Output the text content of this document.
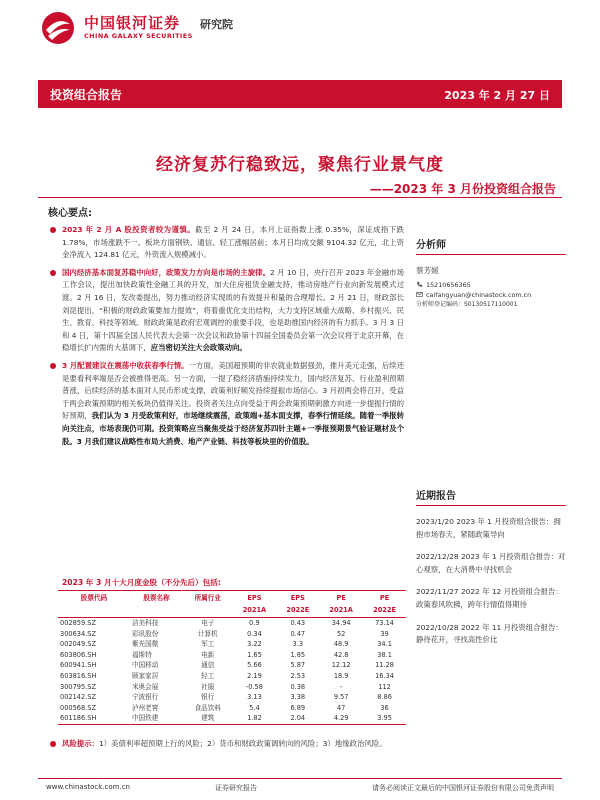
中国银河证券
CHINA GALAXY SECURITIES
研究院
投资组合报告	2023 年 2 月 27 日
经济复苏行稳致远，聚焦行业景气度
——2023 年 3 月份投资组合报告
核心要点:
2023 年 2 月 A 股投资者较为谨慎。截至 2 月 24 日，本月上证指数上涨 0.35%，深证成指下跌 1.78%，市场涨跌不一。板块方面钢铁、通信、轻工涨幅居前；本月日均成交额 9104.32 亿元，北上资金净流入 124.81 亿元，外资流入规模减小。
国内经济基本面复苏稳中向好，政策发力方向是市场的主旋律。2 月 10 日，央行召开 2023 年金融市场工作会议，提出加快政策性金融工具的开发，加大住房租赁金融支持，推动房地产行业向新发展模式过渡。2 月 16 日，发改委提出，努力推动经济实现质的有效提升和量的合理增长。2 月 21 日，财政部长刘昆提出，“积极的财政政策要加力提效”，将着重优化支出结构，大力支持区域重大战略、乡村振兴、民生、教育、科技等领域。财政政策是政府宏观调控的重要手段，也是助推国内经济的有力抓手。3 月 3 日和 4 日，第十四届全国人民代表大会第一次会议和政协第十四届全国委员会第一次会议将于北京开幕，在稳增长扩内需的大基调下，应当密切关注大会政策动向。
3 月配置建议在震荡中收获春季行情。一方面，美国超预期的非农就业数据强劲，推升美元走强，后续还是要看利率端是否会被推得更高。另一方面，一提了稳经济措施持续发力，国内经济复苏、行业盈利预期普涨，后续经济的基本面对人民币形成支撑，政策利好频发持续提振市场信心。3 月初两会将召开，受益于两会政策预期的相关板块仍值得关注。投资者关注点向受益于两会政策预期刺激方向进一步提振行情的好预期，我们认为 3 月受政策利好，市场继续震荡，政策端+基本面支撑，春季行情延续。随着一季报转向关注点，市场表现仍可期。投资策略应当聚焦受益于经济复苏四针主题+一季报预期景气验证题材及个股。3 月我们建议战略性布局大消费、地产产业链、科技等板块里的价值股。
2023 年 3 月十大月度金股（不分先后）包括:
股票代码	股票名称	所属行业	EPS	EPS	PE	PE
			2021A	2022E	2021A	2022E
002859.SZ	洁美科技	电子	0.9	0.43	34.94	73.14
300634.SZ	彩讯股份	计算机	0.34	0.47	52	39
002049.SZ	紫光国微	军工	3.22	3.3	48.9	34.1
603806.SH	福斯特	电新	1.65	1.85	42.8	38.1
600941.SH	中国移动	通信	5.66	5.87	12.12	11.28
603816.SH	顾家家居	轻工	2.19	2.53	18.9	16.34
300795.SZ	米奥会展	社服	-0.58	0.38	-	112
002142.SZ	宁波银行	银行	3.13	3.38	9.57	8.86
000568.SZ	泸州老窖	食品饮料	5.4	6.89	47	36
601186.SH	中国铁建	建筑	1.82	2.04	4.29	3.95
风险提示：1）美债利率超预期上行的风险；2）货币和财政政策调转向的风险；3）地缘政治风险。
分析师
蔡芳媛
15210656365
caifangyuan@chinastock.com.cn
分析师登记编码：S0130517110001
近期报告
2023/1/20 2023 年 1 月投资组合报告：拥抱市场春天，紧随政策导向
2022/12/28 2023 年 1 月投资组合报告：对心观察，在大消费中寻找机会
2022/11/27 2022 年 12 月投资组合报告：政策春风吹拂，跨年行情值得期待
2022/10/28 2022 年 11 月投资组合报告：静待花开，寻找高性价比
www.chinastock.com.cn	证券研究报告	请务必阅读正文最后的中国银河证券股份有限公司免责声明
